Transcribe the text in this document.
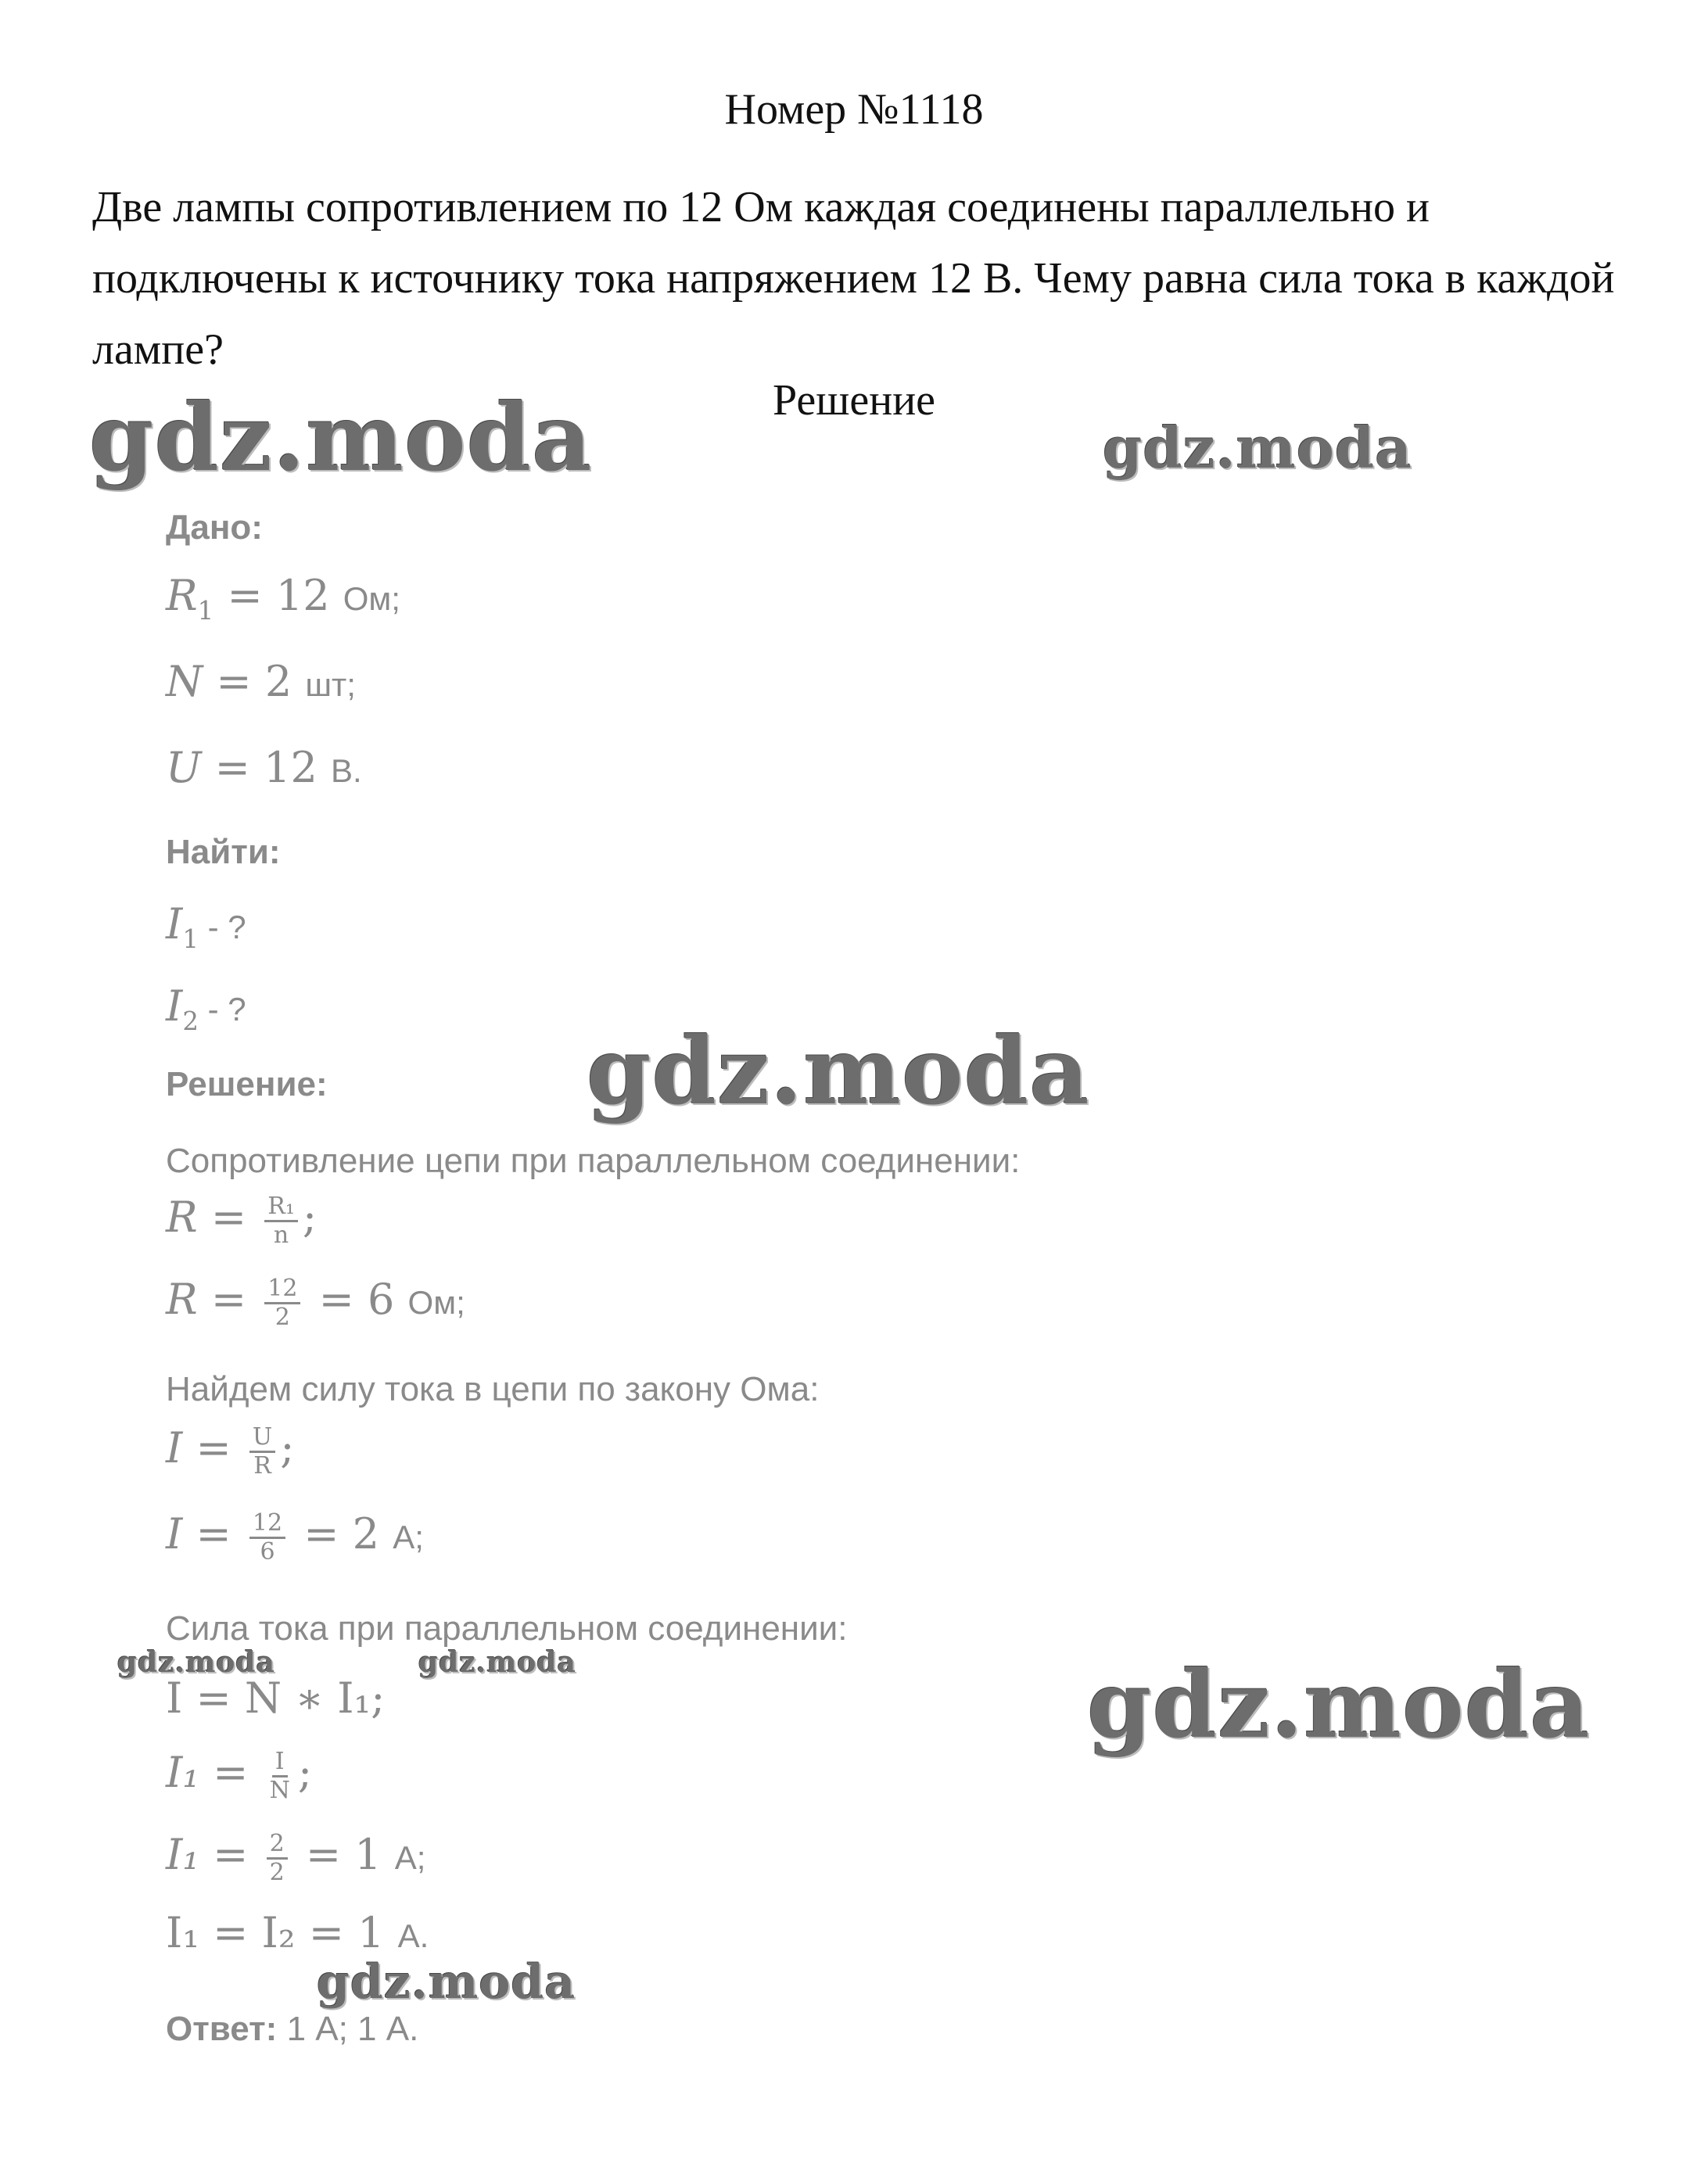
Номер №1118
Две лампы сопротивлением по 12 Ом каждая соединены параллельно и подключены к источнику тока напряжением 12 В. Чему равна сила тока в каждой лампе?
Решение
gdz.moda	gdz.moda
gdz.moda
gdz.moda	gdz.moda	gdz.moda
gdz.moda
Дано:
$R_1 = 12$ Ом;
N = 2 шт;
U = 12 В.
Найти:
$I_1$ - ?
$I_2$ - ?
Решение:
Сопротивление цепи при параллельном соединении:
$R = \frac{\text{R₁}}{n}$ ;
$R = \frac{12}{2} = 6$ Ом;
Найдем силу тока в цепи по закону Ома:
$I = \frac{U}{R}$ ;
$I = \frac{12}{6} = 2$ А;
Сила тока при параллельном соединении:
I = N ∗ I₁;
$I_1 = \frac{I}{N}$ ;
$I_1 = \frac{2}{2} = 1$ А;
I₁ = I₂ = 1 А.
Ответ: 1 А; 1 А.
